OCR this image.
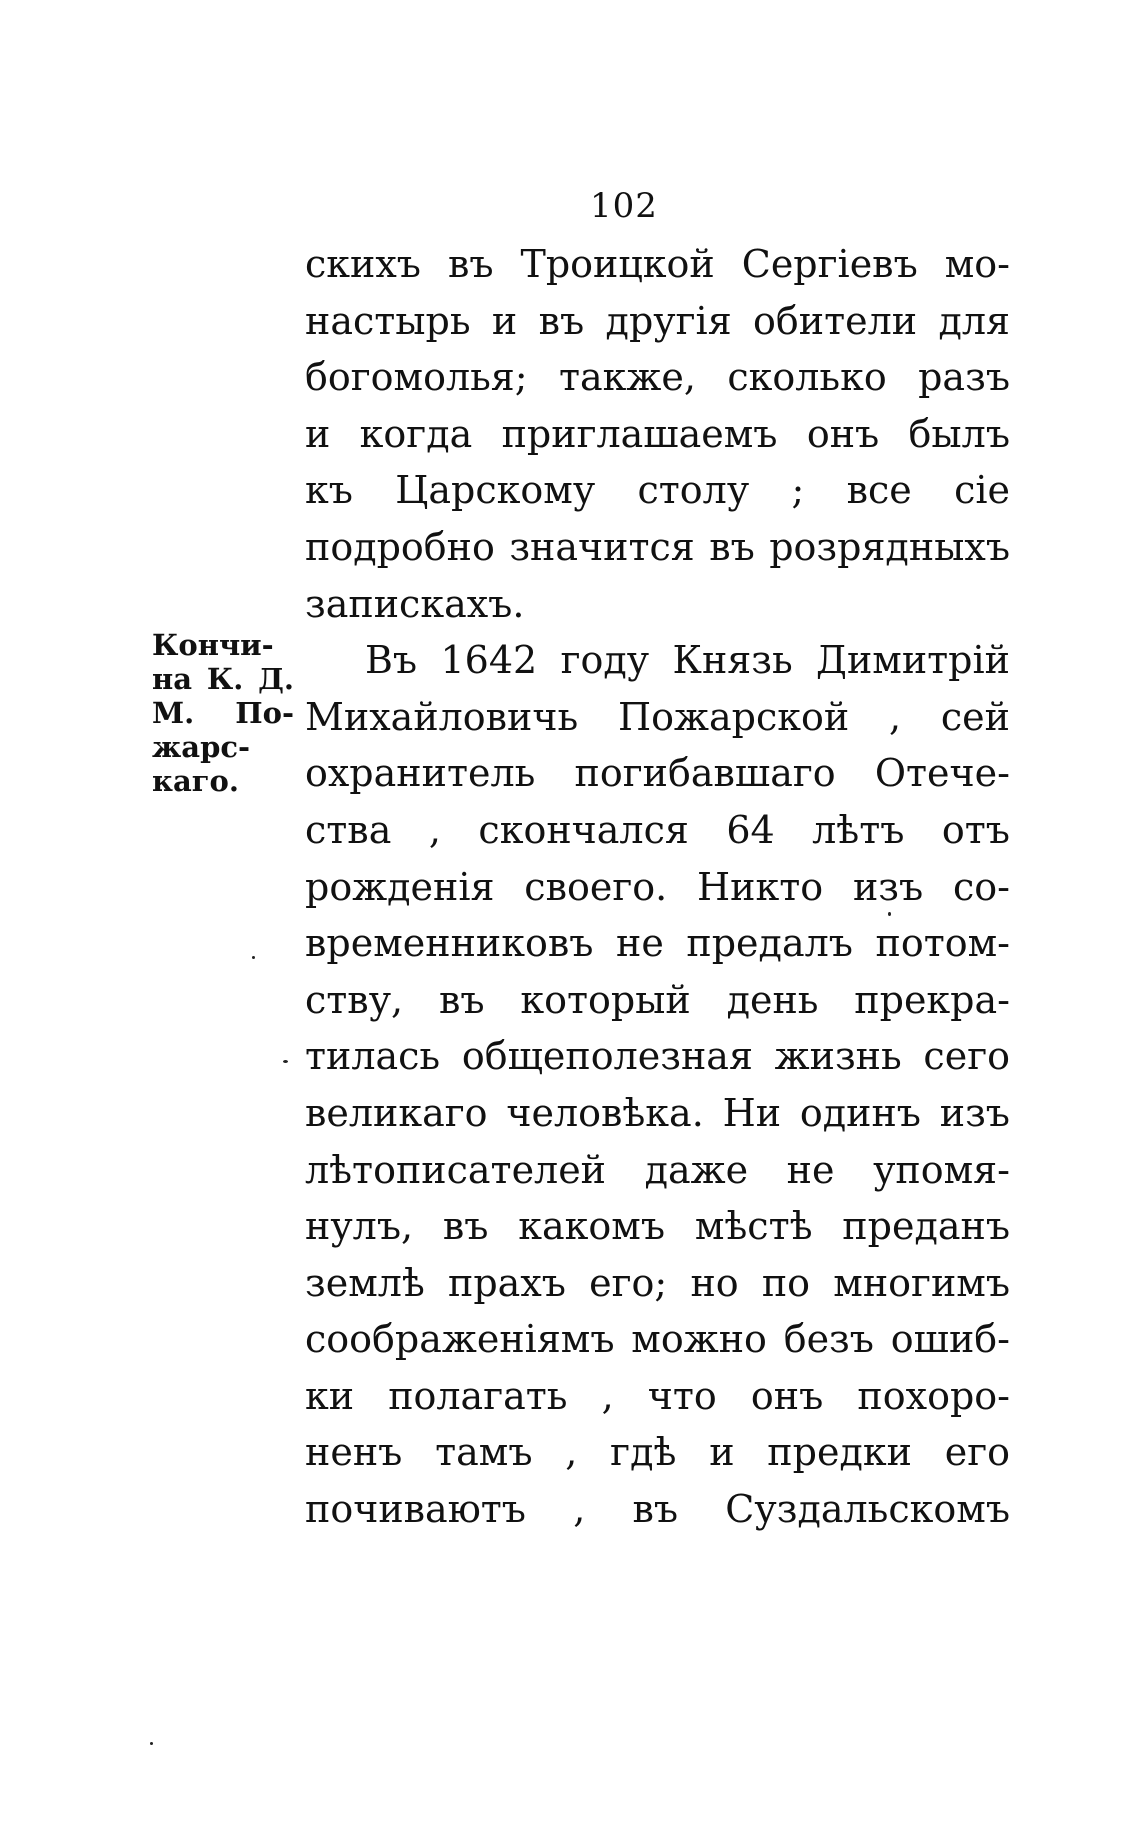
102
скихъ въ Троицкой Сергіевъ мо-
настырь и въ другія обители для
богомолья; также, сколько разъ
и когда приглашаемъ онъ былъ
къ Царскому столу ; все сіе
подробно значится въ розрядныхъ
запискахъ.
Въ 1642 году Князь Димитрій
Михайловичь Пожарской , сей
охранитель погибавшаго Отече-
ства , скончался 64 лѣтъ отъ
рожденія своего. Никто изъ со-
временниковъ не предалъ потом-
ству, въ который день прекра-
тилась общеполезная жизнь сего
великаго человѣка. Ни одинъ изъ
лѣтописателей даже не упомя-
нулъ, въ какомъ мѣстѣ преданъ
землѣ прахъ его; но по многимъ
соображеніямъ можно безъ ошиб-
ки полагать , что онъ похоро-
ненъ тамъ , гдѣ и предки его
почиваютъ , въ Суздальскомъ
Кончи-
на К. Д.
М. По-
жарс-
каго.
